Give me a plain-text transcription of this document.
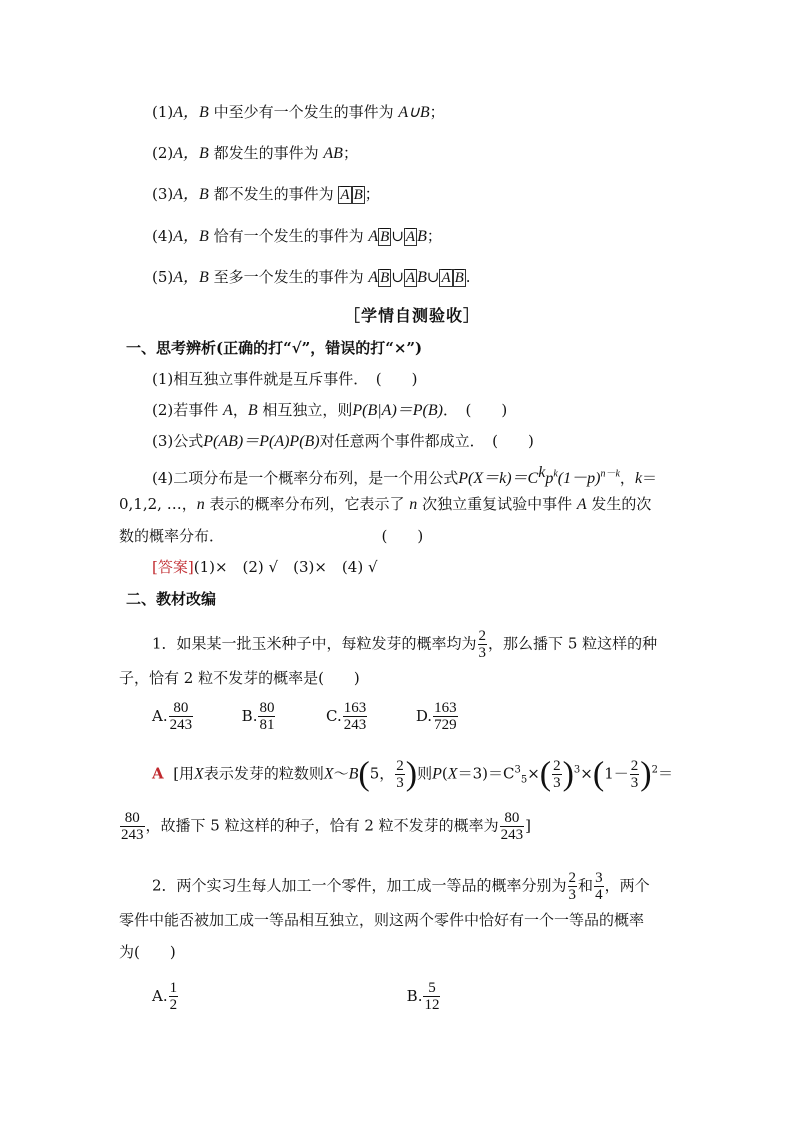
(1)A，B 中至少有一个发生的事件为 A∪B；
(2)A，B 都发生的事件为 AB；
(3)A，B 都不发生的事件为 $\overline{A}$ $\overline{B}$ ；
(4)A，B 恰有一个发生的事件为 A $\overline{B}$ ∪ $\overline{A}$ B；
(5)A，B 至多一个发生的事件为 A $\overline{B}$ ∪ $\overline{A}$ B∪ $\overline{A}$ $\overline{B}$ .
［学情自测验收］
一、思考辨析(正确的打“√”，错误的打“×”)
(1)相互独立事件就是互斥事件．　 (　　)
(2)若事件 A，B 相互独立，则P(B|A)＝P(B)．　(　　)
(3)公式P(AB)＝P(A)P(B)对任意两个事件都成立．　 (　　)
(4)二项分布是一个概率分布列，是一个用公式$P(X=k)=C^kp^k(1-p)^{n-k}$，k＝
0,1,2, …，n 表示的概率分布列，它表示了 n 次独立重复试验中事件 A 发生的次
数的概率分布．　　　　　　　　　　　	(　　)
[答案](1)×　(2) √　(3)×　(4) √
二、教材改编
1．如果某一批玉米种子中，每粒发芽的概率均为 $\frac{2}{3}$ ，那么播下 5 粒这样的种
子，恰有 2 粒不发芽的概率是(　　)
A. $\frac{80}{243}$	B. $\frac{80}{81}$	C. $\frac{163}{243}$	D. $\frac{163}{729}$
A [用X表示发芽的粒数则X～B(5， $\frac{2}{3}$ )则$P(X=3)=C^3_5\times( \frac{2}{3} )^3\times(1- \frac{2}{3} )^2=$
$\frac{80}{243}$ ，故播下 5 粒这样的种子，恰有 2 粒不发芽的概率为 $\frac{80}{243}$ ]
2．两个实习生每人加工一个零件，加工成一等品的概率分别为 $\frac{2}{3}$ 和 $\frac{3}{4}$ ，两个
零件中能否被加工成一等品相互独立，则这两个零件中恰好有一个一等品的概率
为(　　)
A. $\frac{1}{2}$	B. $\frac{5}{12}$
